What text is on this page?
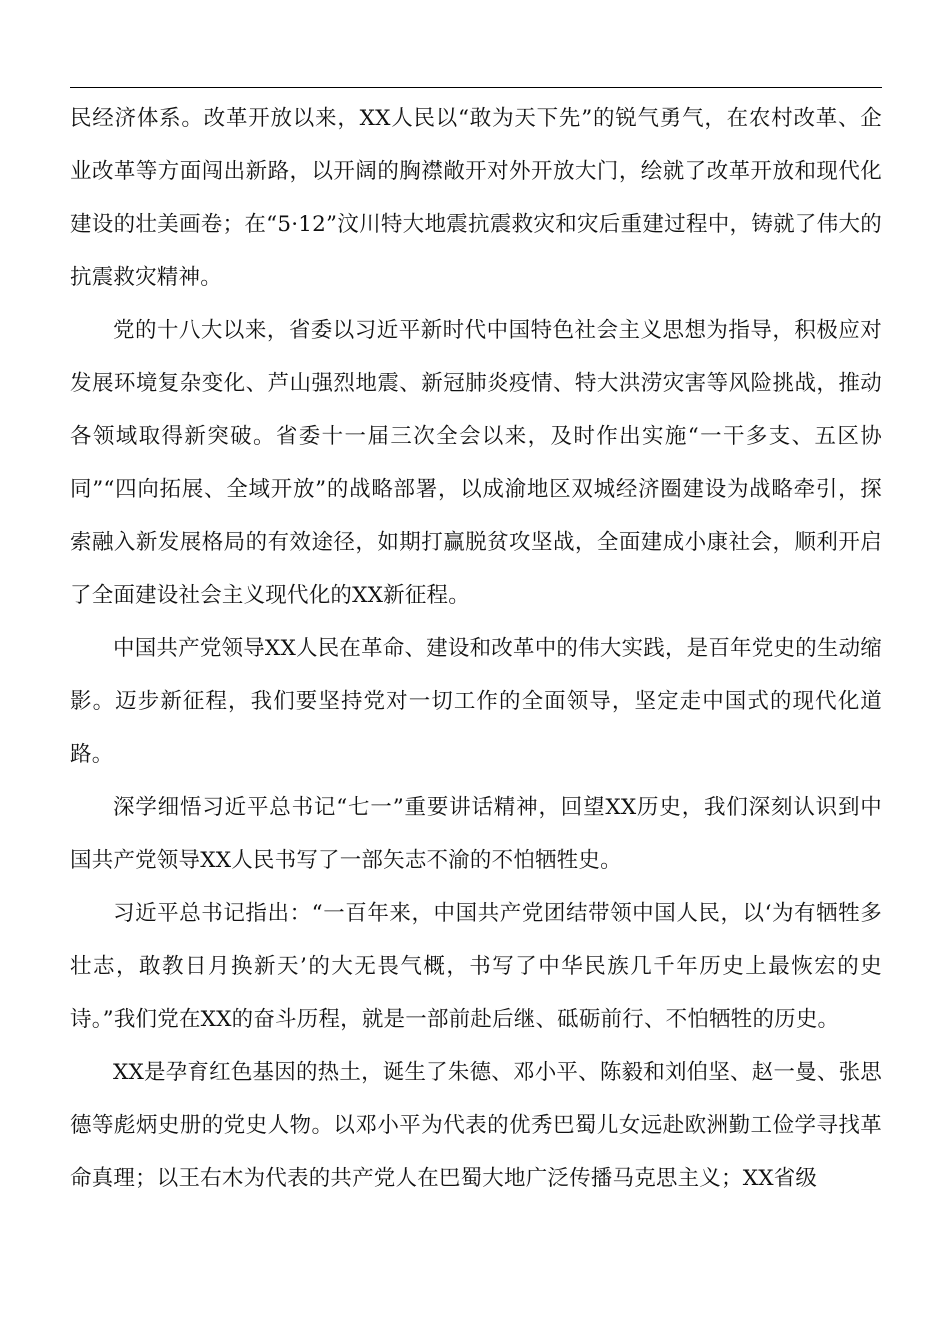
民经济体系。改革开放以来，XX人民以“敢为天下先”的锐气勇气，在农村改革、企业改革等方面闯出新路，以开阔的胸襟敞开对外开放大门，绘就了改革开放和现代化建设的壮美画卷；在“5·12”汶川特大地震抗震救灾和灾后重建过程中，铸就了伟大的抗震救灾精神。

党的十八大以来，省委以习近平新时代中国特色社会主义思想为指导，积极应对发展环境复杂变化、芦山强烈地震、新冠肺炎疫情、特大洪涝灾害等风险挑战，推动各领域取得新突破。省委十一届三次全会以来，及时作出实施“一干多支、五区协同”“四向拓展、全域开放”的战略部署，以成渝地区双城经济圈建设为战略牵引，探索融入新发展格局的有效途径，如期打赢脱贫攻坚战，全面建成小康社会，顺利开启了全面建设社会主义现代化的XX新征程。

中国共产党领导XX人民在革命、建设和改革中的伟大实践，是百年党史的生动缩影。迈步新征程，我们要坚持党对一切工作的全面领导，坚定走中国式的现代化道路。

深学细悟习近平总书记“七一”重要讲话精神，回望XX历史，我们深刻认识到中国共产党领导XX人民书写了一部矢志不渝的不怕牺牲史。

习近平总书记指出：“一百年来，中国共产党团结带领中国人民，以‘为有牺牲多壮志，敢教日月换新天’的大无畏气概，书写了中华民族几千年历史上最恢宏的史诗。”我们党在XX的奋斗历程，就是一部前赴后继、砥砺前行、不怕牺牲的历史。

XX是孕育红色基因的热土，诞生了朱德、邓小平、陈毅和刘伯坚、赵一曼、张思德等彪炳史册的党史人物。以邓小平为代表的优秀巴蜀儿女远赴欧洲勤工俭学寻找革命真理；以王右木为代表的共产党人在巴蜀大地广泛传播马克思主义；XX省级
